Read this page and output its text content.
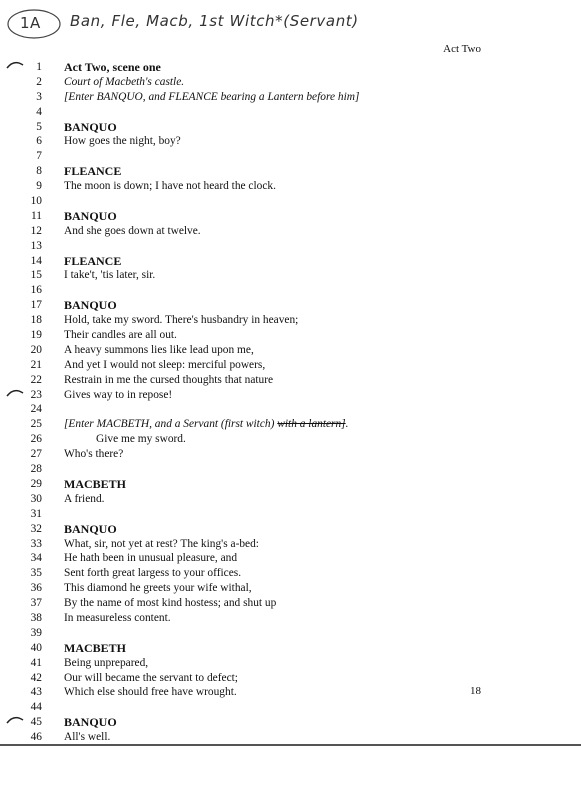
1A Ban, Fle, Macb, 1st Witch*(Servant)
Act Two
1 Act Two, scene one
2 Court of Macbeth's castle.
3 [Enter BANQUO, and FLEANCE bearing a Lantern before him]
4
5 BANQUO
6 How goes the night, boy?
7
8 FLEANCE
9 The moon is down; I have not heard the clock.
10
11 BANQUO
12 And she goes down at twelve.
13
14 FLEANCE
15 I take't, 'tis later, sir.
16
17 BANQUO
18 Hold, take my sword. There's husbandry in heaven;
19 Their candles are all out.
20 A heavy summons lies like lead upon me,
21 And yet I would not sleep: merciful powers,
22 Restrain in me the cursed thoughts that nature
23 Gives way to in repose!
24
25 [Enter MACBETH, and a Servant (first witch) with a lantern].
26	Give me my sword.
27 Who's there?
28
29 MACBETH
30 A friend.
31
32 BANQUO
33 What, sir, not yet at rest? The king's a-bed:
34 He hath been in unusual pleasure, and
35 Sent forth great largess to your offices.
36 This diamond he greets your wife withal,
37 By the name of most kind hostess; and shut up
38 In measureless content.
39
40 MACBETH
41 Being unprepared,
42 Our will became the servant to defect;
43 Which else should free have wrought.
44
45 BANQUO
46 All's well.
18
